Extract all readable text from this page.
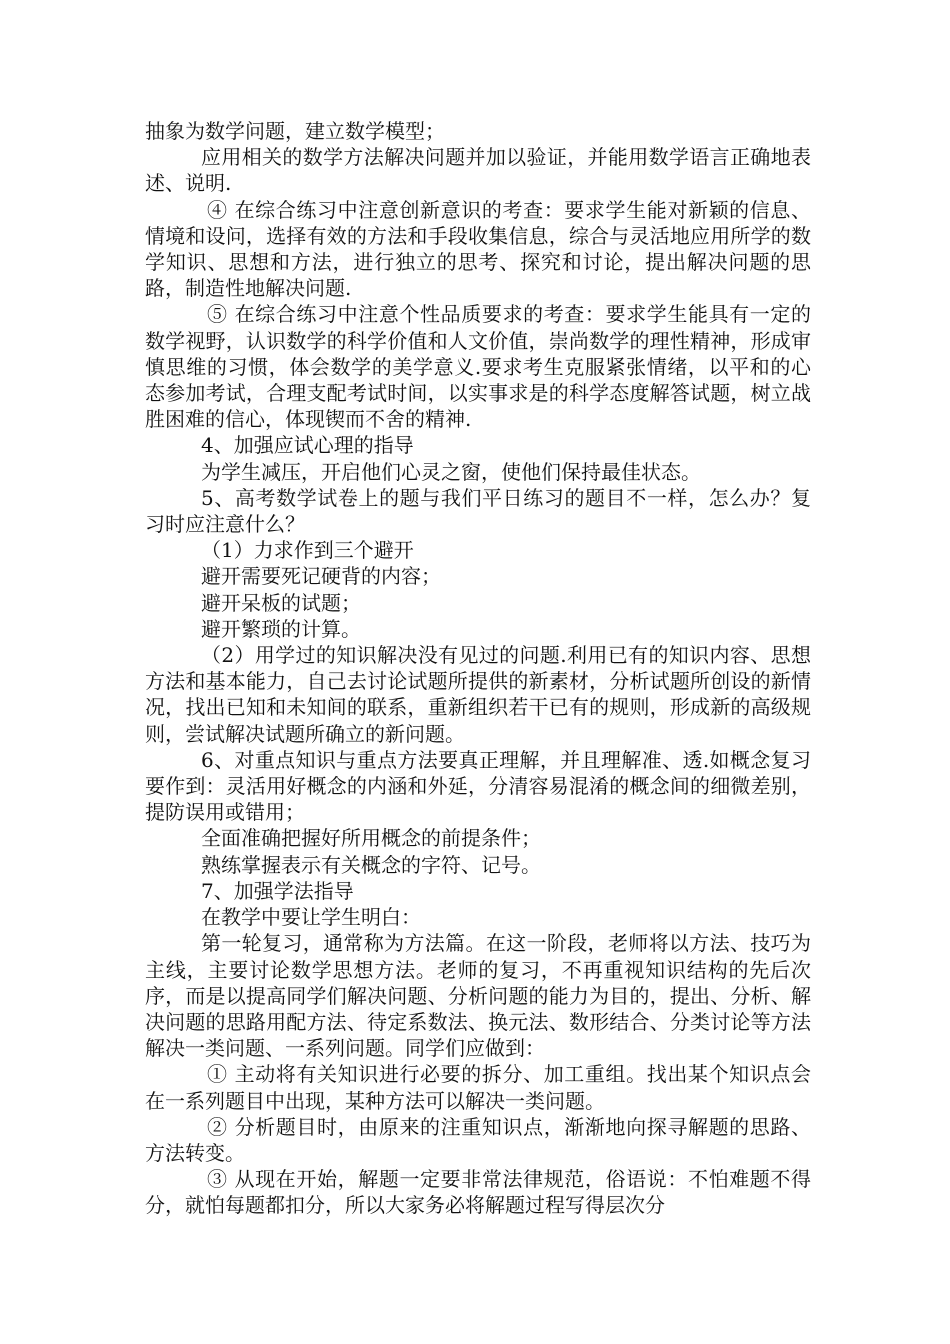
抽象为数学问题，建立数学模型；

应用相关的数学方法解决问题并加以验证，并能用数学语言正确地表述、说明.

④ 在综合练习中注意创新意识的考查：要求学生能对新颖的信息、情境和设问，选择有效的方法和手段收集信息，综合与灵活地应用所学的数学知识、思想和方法，进行独立的思考、探究和讨论，提出解决问题的思路，制造性地解决问题.

⑤ 在综合练习中注意个性品质要求的考查：要求学生能具有一定的数学视野，认识数学的科学价值和人文价值，崇尚数学的理性精神，形成审慎思维的习惯，体会数学的美学意义.要求考生克服紧张情绪，以平和的心态参加考试，合理支配考试时间，以实事求是的科学态度解答试题，树立战胜困难的信心，体现锲而不舍的精神.

4、加强应试心理的指导

为学生减压，开启他们心灵之窗，使他们保持最佳状态。

5、高考数学试卷上的题与我们平日练习的题目不一样，怎么办？复习时应注意什么？

（1）力求作到三个避开

避开需要死记硬背的内容；

避开呆板的试题；

避开繁琐的计算。

（2）用学过的知识解决没有见过的问题.利用已有的知识内容、思想方法和基本能力，自己去讨论试题所提供的新素材，分析试题所创设的新情况，找出已知和未知间的联系，重新组织若干已有的规则，形成新的高级规则，尝试解决试题所确立的新问题。

6、对重点知识与重点方法要真正理解，并且理解准、透.如概念复习要作到：灵活用好概念的内涵和外延，分清容易混淆的概念间的细微差别，提防误用或错用；

全面准确把握好所用概念的前提条件；

熟练掌握表示有关概念的字符、记号。

7、加强学法指导

在教学中要让学生明白：

第一轮复习，通常称为方法篇。在这一阶段，老师将以方法、技巧为主线，主要讨论数学思想方法。老师的复习，不再重视知识结构的先后次序，而是以提高同学们解决问题、分析问题的能力为目的，提出、分析、解决问题的思路用配方法、待定系数法、换元法、数形结合、分类讨论等方法解决一类问题、一系列问题。同学们应做到：

① 主动将有关知识进行必要的拆分、加工重组。找出某个知识点会在一系列题目中出现，某种方法可以解决一类问题。

② 分析题目时，由原来的注重知识点，渐渐地向探寻解题的思路、方法转变。

③ 从现在开始，解题一定要非常法律规范，俗语说：不怕难题不得分，就怕每题都扣分，所以大家务必将解题过程写得层次分
